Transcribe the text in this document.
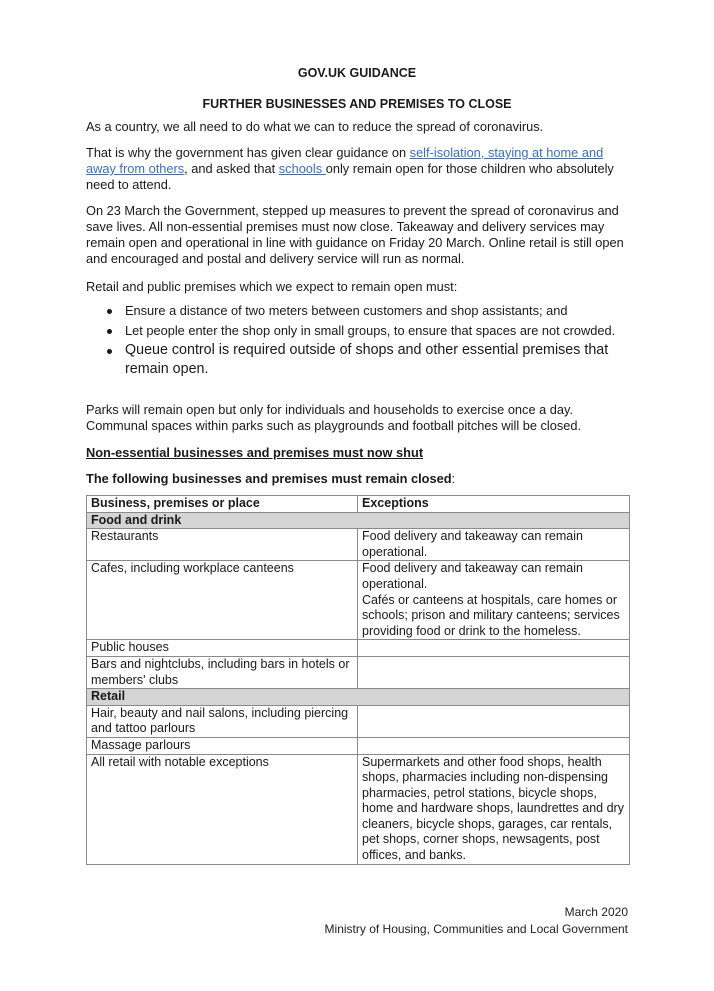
GOV.UK GUIDANCE
FURTHER BUSINESSES AND PREMISES TO CLOSE
As a country, we all need to do what we can to reduce the spread of coronavirus.
That is why the government has given clear guidance on self-isolation, staying at home and away from others, and asked that schools only remain open for those children who absolutely need to attend.
On 23 March the Government, stepped up measures to prevent the spread of coronavirus and save lives. All non-essential premises must now close. Takeaway and delivery services may remain open and operational in line with guidance on Friday 20 March. Online retail is still open and encouraged and postal and delivery service will run as normal.
Retail and public premises which we expect to remain open must:
Ensure a distance of two meters between customers and shop assistants; and
Let people enter the shop only in small groups, to ensure that spaces are not crowded.
Queue control is required outside of shops and other essential premises that remain open.
Parks will remain open but only for individuals and households to exercise once a day. Communal spaces within parks such as playgrounds and football pitches will be closed.
Non-essential businesses and premises must now shut
The following businesses and premises must remain closed:
Business, premises or place	Exceptions
Food and drink	
Restaurants	Food delivery and takeaway can remain operational.
Cafes, including workplace canteens	Food delivery and takeaway can remain operational.
Cafés or canteens at hospitals, care homes or schools; prison and military canteens; services providing food or drink to the homeless.

Public houses	
Bars and nightclubs, including bars in hotels or members' clubs	
Retail	
Hair, beauty and nail salons, including piercing and tattoo parlours	
Massage parlours	
All retail with notable exceptions	Supermarkets and other food shops, health shops, pharmacies including non-dispensing pharmacies, petrol stations, bicycle shops, home and hardware shops, laundrettes and dry cleaners, bicycle shops, garages, car rentals, pet shops, corner shops, newsagents, post offices, and banks.
March 2020
Ministry of Housing, Communities and Local Government
